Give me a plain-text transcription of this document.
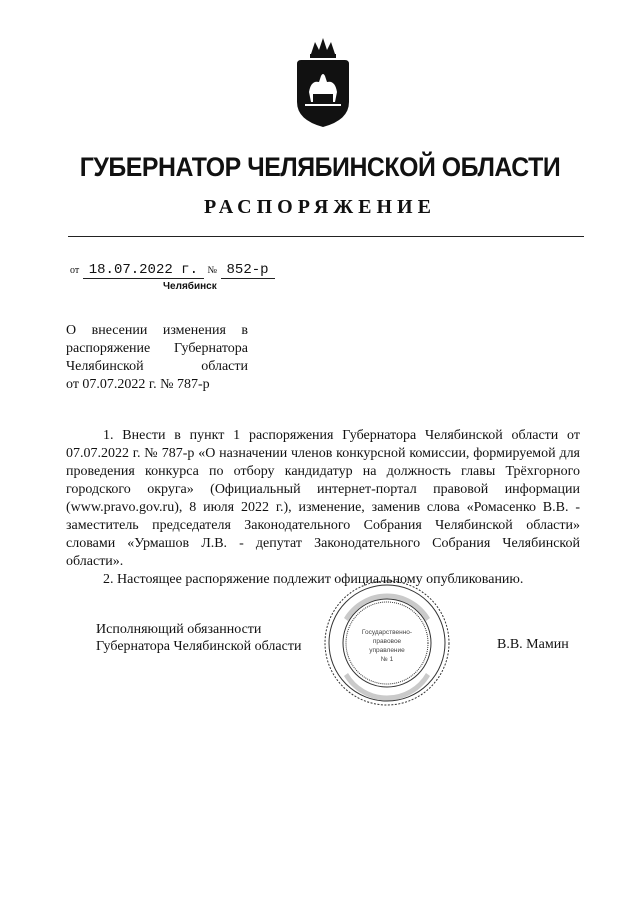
ГУБЕРНАТОР ЧЕЛЯБИНСКОЙ ОБЛАСТИ
РАСПОРЯЖЕНИЕ
от 18.07.2022 г. № 852-р
Челябинск
О внесении изменения в
распоряжение Губернатора
Челябинской области
от 07.07.2022 г. № 787-р

1. Внести в пункт 1 распоряжения Губернатора Челябинской области от 07.07.2022 г. № 787-р «О назначении членов конкурсной комиссии, формируемой для проведения конкурса по отбору кандидатур на должность главы Трёхгорного городского округа» (Официальный интернет-портал правовой информации (www.pravo.gov.ru), 8 июля 2022 г.), изменение, заменив слова «Ромасенко В.В. - заместитель председателя Законодательного Собрания Челябинской области» словами «Урмашов Л.В. - депутат Законодательного Собрания Челябинской области».

2. Настоящее распоряжение подлежит официальному опубликованию.

Исполняющий обязанности
Губернатора Челябинской области	В.В. Мамин
Государственно-
правовое
управление
№ 1
